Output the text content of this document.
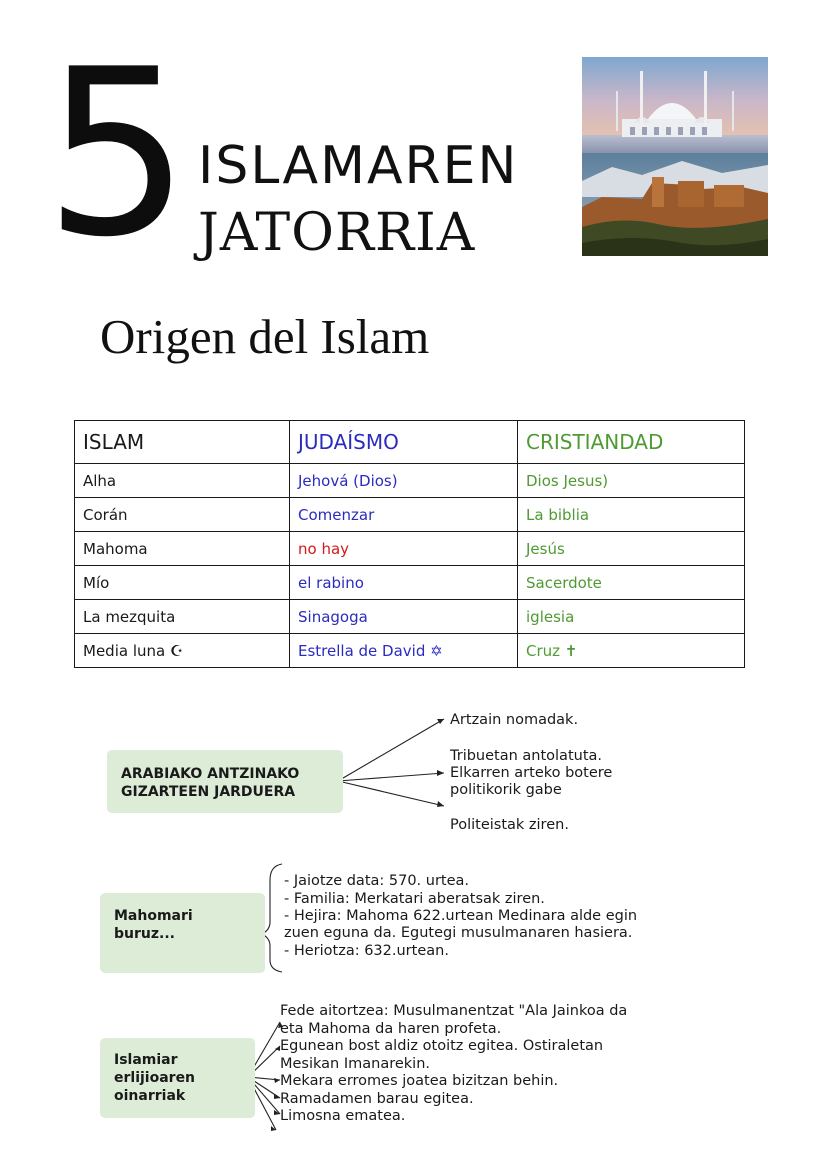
5 ISLAMAREN
JATORRIA
Origen del Islam
ISLAM	JUDAÍSMO	CRISTIANDAD
Alha	Jehová (Dios)	Dios Jesus)
Corán	Comenzar	La biblia
Mahoma	no hay	Jesús
Mío	el rabino	Sacerdote
La mezquita	Sinagoga	iglesia
Media luna ☪	Estrella de David ✡	Cruz ✝
ARABIAKO ANTZINAKO
GIZARTEEN JARDUERA
Artzain nomadak.
Tribuetan antolatuta.
Elkarren arteko botere
politikorik gabe
Politeistak ziren.
Mahomari
buruz...
- Jaiotze data: 570. urtea.
- Familia: Merkatari aberatsak ziren.
- Hejira: Mahoma 622.urtean Medinara alde egin
zuen eguna da. Egutegi musulmanaren hasiera.
- Heriotza: 632.urtean.
Islamiar
erlijioaren
oinarriak
Fede aitortzea: Musulmanentzat "Ala Jainkoa da
eta Mahoma da haren profeta.
Egunean bost aldiz otoitz egitea. Ostiraletan
Mesikan Imanarekin.
Mekara erromes joatea bizitzan behin.
Ramadamen barau egitea.
Limosna ematea.
